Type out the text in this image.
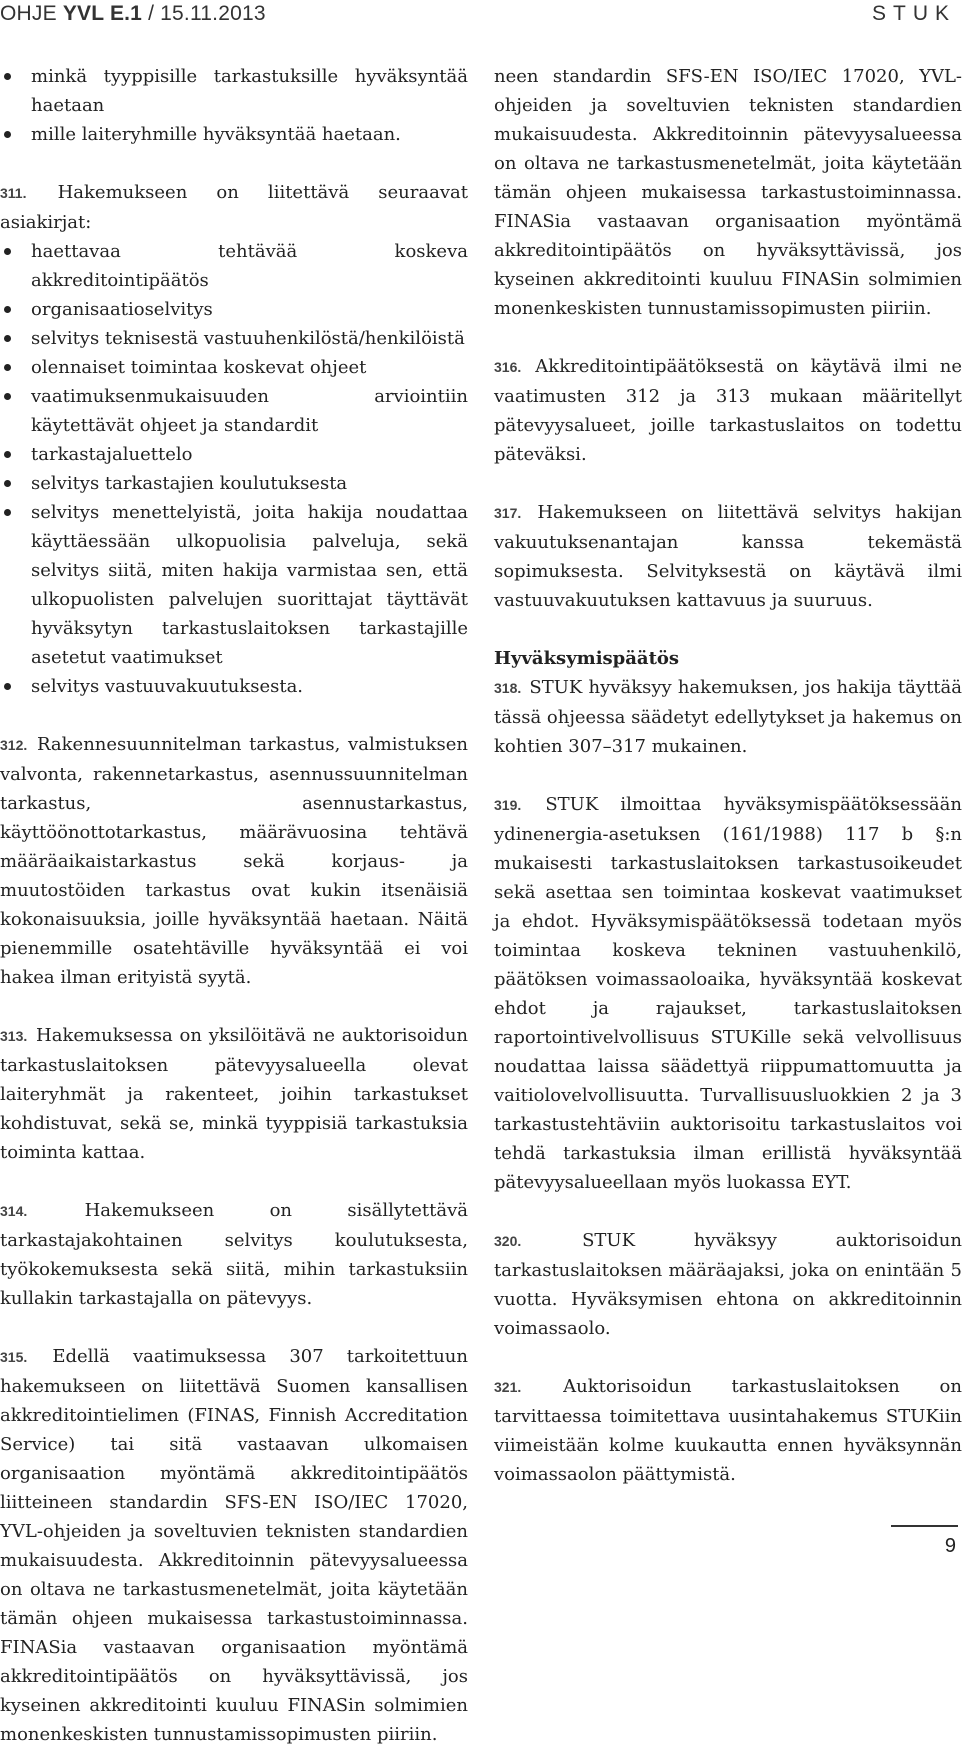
OHJE YVL E.1 / 15.11.2013	STUK
minkä tyyppisille tarkastuksille hyväksyntää haetaan
mille laiteryhmille hyväksyntää haetaan.

311. Hakemukseen on liitettävä seuraavat asiakirjat:

haettavaa tehtävää koskeva akkreditointipäätös
organisaatioselvitys
selvitys teknisestä vastuuhenkilöstä/henkilöistä
olennaiset toimintaa koskevat ohjeet
vaatimuksenmukaisuuden arviointiin käytettävät ohjeet ja standardit
tarkastajaluettelo
selvitys tarkastajien koulutuksesta
selvitys menettelyistä, joita hakija noudattaa käyttäessään ulkopuolisia palveluja, sekä selvitys siitä, miten hakija varmistaa sen, että ulkopuolisten palvelujen suorittajat täyttävät hyväksytyn tarkastuslaitoksen tarkastajille asetetut vaatimukset
selvitys vastuuvakuutuksesta.

312. Rakennesuunnitelman tarkastus, valmistuksen valvonta, rakennetarkastus, asennussuunnitelman tarkastus, asennustarkastus, käyttöönottotarkastus, määrävuosina tehtävä määräaikaistarkastus sekä korjaus- ja muutostöiden tarkastus ovat kukin itsenäisiä kokonaisuuksia, joille hyväksyntää haetaan. Näitä pienemmille osatehtäville hyväksyntää ei voi hakea ilman erityistä syytä.

313. Hakemuksessa on yksilöitävä ne auktorisoidun tarkastuslaitoksen pätevyysalueella olevat laiteryhmät ja rakenteet, joihin tarkastukset kohdistuvat, sekä se, minkä tyyppisiä tarkastuksia toiminta kattaa.

314.	Hakemukseen on sisällytettävä tarkastajakohtainen selvitys koulutuksesta, työkokemuksesta sekä siitä, mihin tarkastuksiin kullakin tarkastajalla on pätevyys.

315. Edellä vaatimuksessa 307 tarkoitettuun hakemukseen on liitettävä Suomen kansallisen akkreditointielimen (FINAS, Finnish Accreditation Service) tai sitä vastaavan ulkomaisen organisaation myöntämä akkreditointipäätös liitteineen standardin SFS-EN ISO/IEC 17020, YVL-ohjeiden ja soveltuvien teknisten standardien mukaisuudesta. Akkreditoinnin pätevyysalueessa on oltava ne tarkastusmenetelmät, joita käytetään tämän ohjeen mukaisessa tarkastustoiminnassa. FINASia vastaavan organisaation myöntämä akkreditointipäätös on hyväksyttävissä, jos kyseinen akkreditointi kuuluu FINASin solmimien monenkeskisten tunnustamissopimusten piiriin.

neen standardin SFS-EN ISO/IEC 17020, YVL-ohjeiden ja soveltuvien teknisten standardien mukaisuudesta. Akkreditoinnin pätevyysalueessa on oltava ne tarkastusmenetelmät, joita käytetään tämän ohjeen mukaisessa tarkastustoiminnassa. FINASia vastaavan organisaation myöntämä akkreditointipäätös on hyväksyttävissä, jos kyseinen akkreditointi kuuluu FINASin solmimien monenkeskisten tunnustamissopimusten piiriin.

316. Akkreditointipäätöksestä on käytävä ilmi ne vaatimusten 312 ja 313 mukaan määritellyt pätevyysalueet, joille tarkastuslaitos on todettu päteväksi.

317. Hakemukseen on liitettävä selvitys hakijan vakuutuksenantajan kanssa tekemästä sopimuksesta. Selvityksestä on käytävä ilmi vastuuvakuutuksen kattavuus ja suuruus.

Hyväksymispäätös

318. STUK hyväksyy hakemuksen, jos hakija täyttää tässä ohjeessa säädetyt edellytykset ja hakemus on kohtien 307–317 mukainen.

319. STUK ilmoittaa hyväksymispäätöksessään ydinenergia-asetuksen (161/1988) 117 b §:n mukaisesti tarkastuslaitoksen tarkastusoikeudet sekä asettaa sen toimintaa koskevat vaatimukset ja ehdot. Hyväksymispäätöksessä todetaan myös toimintaa koskeva tekninen vastuuhenkilö, päätöksen voimassaoloaika, hyväksyntää koskevat ehdot ja rajaukset, tarkastuslaitoksen raportointivelvollisuus STUKille sekä velvollisuus noudattaa laissa säädettyä riippumattomuutta ja vaitiolovelvollisuutta. Turvallisuusluokkien 2 ja 3 tarkastustehtäviin auktorisoitu tarkastuslaitos voi tehdä tarkastuksia ilman erillistä hyväksyntää pätevyysalueellaan myös luokassa EYT.

320.	STUK hyväksyy auktorisoidun tarkastuslaitoksen määräajaksi, joka on enintään 5 vuotta. Hyväksymisen ehtona on akkreditoinnin voimassaolo.

321. Auktorisoidun tarkastuslaitoksen on tarvittaessa toimitettava uusintahakemus STUKiin viimeistään kolme kuukautta ennen hyväksynnän voimassaolon päättymistä.

9
